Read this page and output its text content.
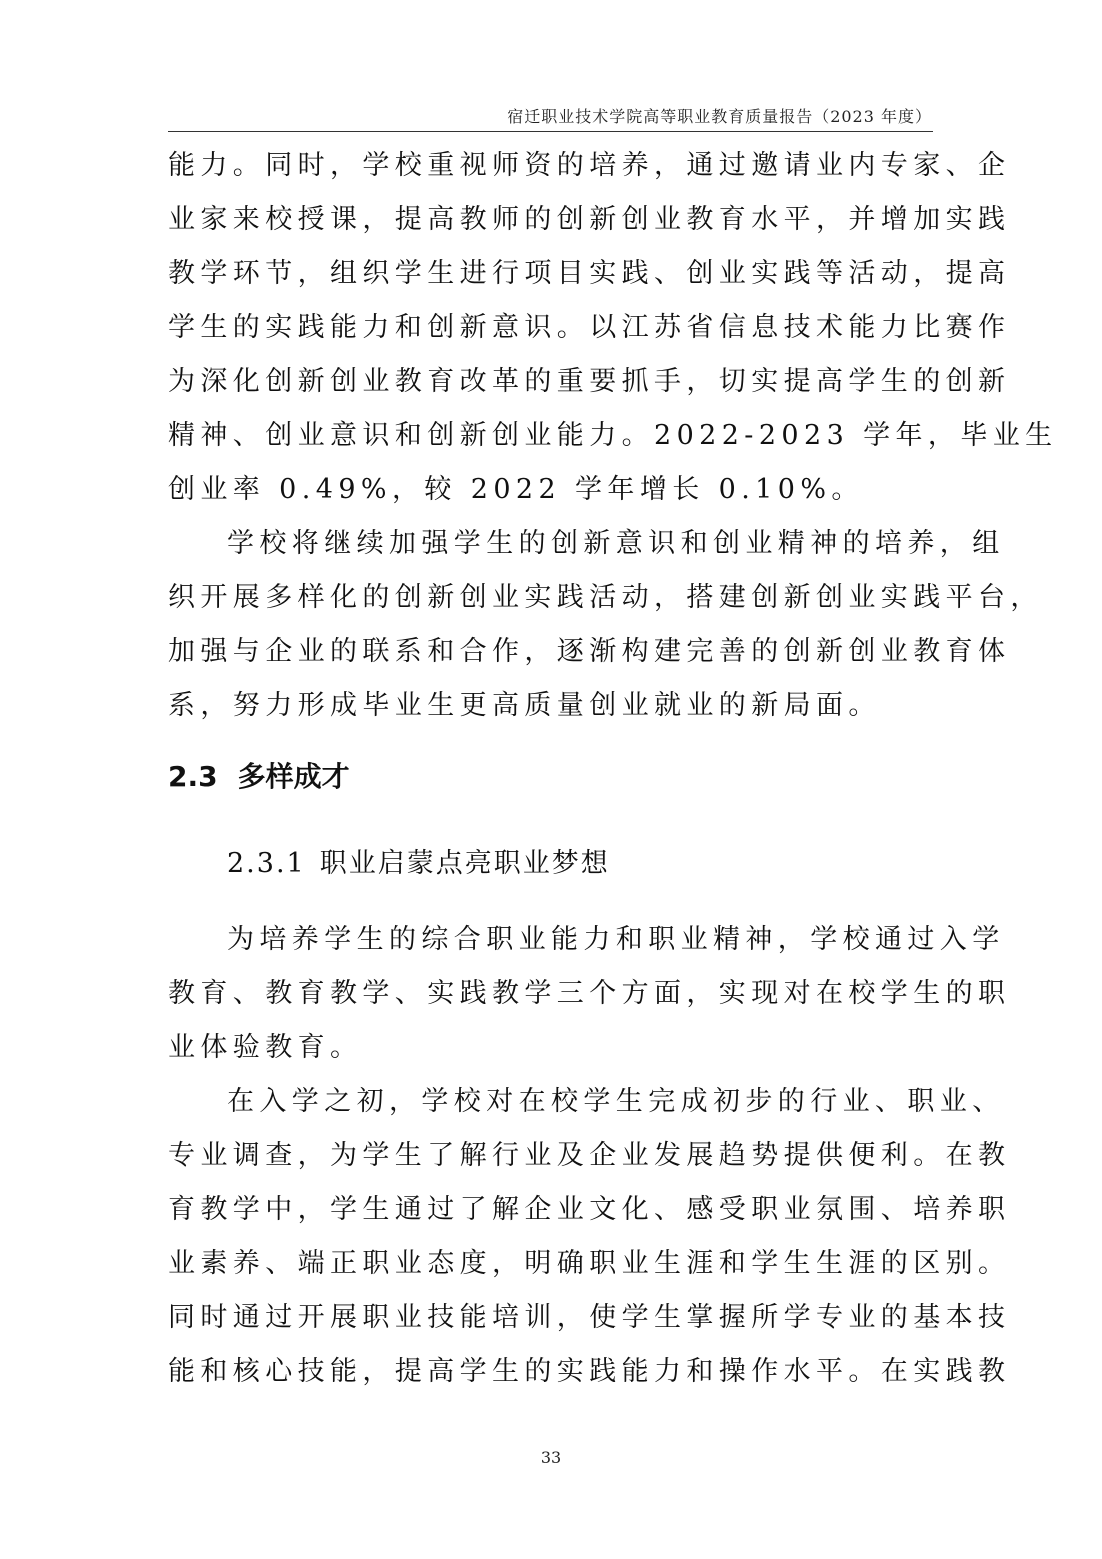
宿迁职业技术学院高等职业教育质量报告（2023 年度）
能力。同时，学校重视师资的培养，通过邀请业内专家、企
业家来校授课，提高教师的创新创业教育水平，并增加实践
教学环节，组织学生进行项目实践、创业实践等活动，提高
学生的实践能力和创新意识。以江苏省信息技术能力比赛作
为深化创新创业教育改革的重要抓手，切实提高学生的创新
精神、创业意识和创新创业能力。2022-2023 学年，毕业生
创业率 0.49%，较 2022 学年增长 0.10%。
学校将继续加强学生的创新意识和创业精神的培养，组
织开展多样化的创新创业实践活动，搭建创新创业实践平台，
加强与企业的联系和合作，逐渐构建完善的创新创业教育体
系，努力形成毕业生更高质量创业就业的新局面。
2.3 多样成才
2.3.1 职业启蒙点亮职业梦想
为培养学生的综合职业能力和职业精神，学校通过入学
教育、教育教学、实践教学三个方面，实现对在校学生的职
业体验教育。
在入学之初，学校对在校学生完成初步的行业、职业、
专业调查，为学生了解行业及企业发展趋势提供便利。在教
育教学中，学生通过了解企业文化、感受职业氛围、培养职
业素养、端正职业态度，明确职业生涯和学生生涯的区别。
同时通过开展职业技能培训，使学生掌握所学专业的基本技
能和核心技能，提高学生的实践能力和操作水平。在实践教
33
